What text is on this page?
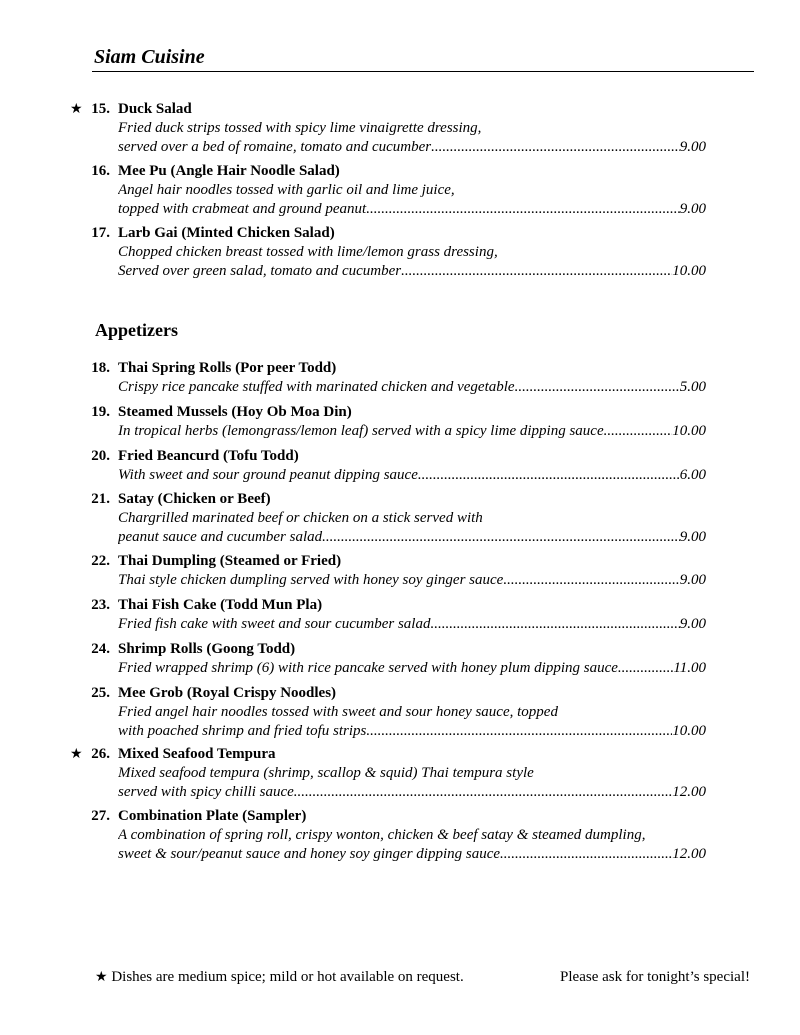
Siam Cuisine
★ 15. Duck Salad
Fried duck strips tossed with spicy lime vinaigrette dressing,
served over a bed of romaine, tomato and cucumber .....	9.00
16. Mee Pu (Angle Hair Noodle Salad)
Angel hair noodles tossed with garlic oil and lime juice,
topped with crabmeat and ground peanut .....	9.00
17. Larb Gai (Minted Chicken Salad)
Chopped chicken breast tossed with lime/lemon grass dressing,
Served over green salad, tomato and cucumber .....	10.00
Appetizers
18. Thai Spring Rolls (Por peer Todd)
Crispy rice pancake stuffed with marinated chicken and vegetable .....	5.00
19. Steamed Mussels (Hoy Ob Moa Din)
In tropical herbs (lemongrass/lemon leaf) served with a spicy lime dipping sauce .....	10.00
20. Fried Beancurd (Tofu Todd)
With sweet and sour ground peanut dipping sauce .....	6.00
21. Satay (Chicken or Beef)
Chargrilled marinated beef or chicken on a stick served with
peanut sauce and cucumber salad .....	9.00
22. Thai Dumpling (Steamed or Fried)
Thai style chicken dumpling served with honey soy ginger sauce .....	9.00
23. Thai Fish Cake (Todd Mun Pla)
Fried fish cake with sweet and sour cucumber salad .....	9.00
24. Shrimp Rolls (Goong Todd)
Fried wrapped shrimp (6) with rice pancake served with honey plum dipping sauce .....	11.00
25. Mee Grob (Royal Crispy Noodles)
Fried angel hair noodles tossed with sweet and sour honey sauce, topped
with poached shrimp and fried tofu strips .....	10.00
★ 26. Mixed Seafood Tempura
Mixed seafood tempura (shrimp, scallop & squid) Thai tempura style
served with spicy chilli sauce .....	12.00
27. Combination Plate (Sampler)
A combination of spring roll, crispy wonton, chicken & beef satay & steamed dumpling,
sweet & sour/peanut sauce and honey soy ginger dipping sauce .....	12.00
★ Dishes are medium spice; mild or hot available on request.	Please ask for tonight’s special!
